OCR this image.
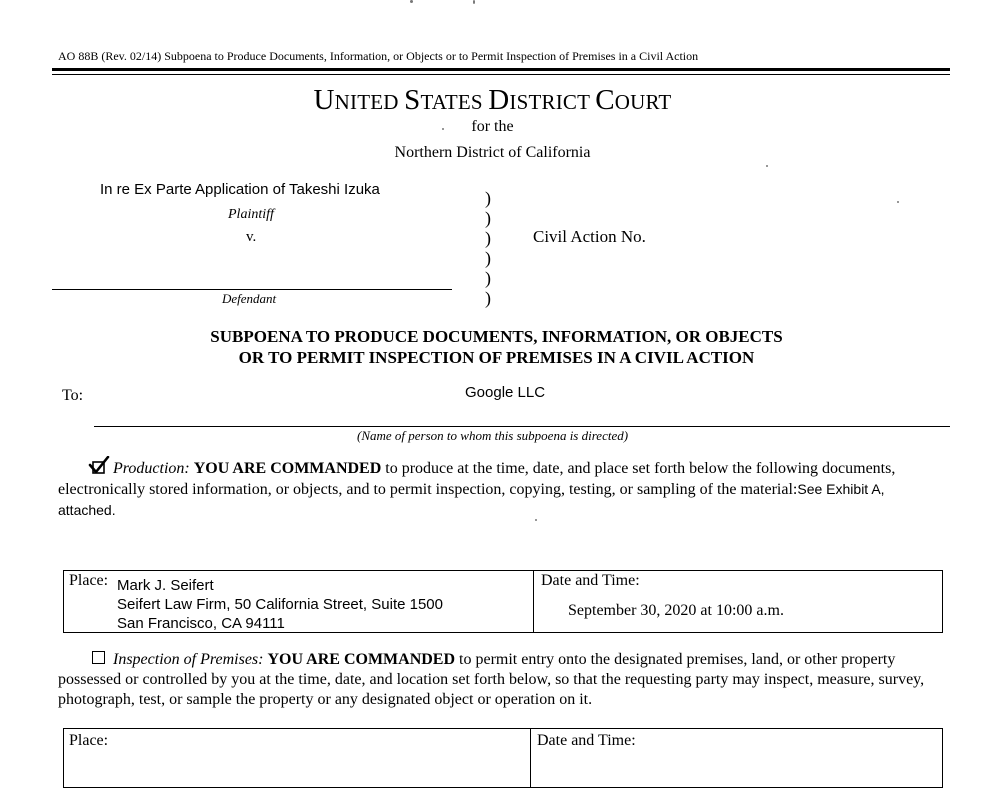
AO 88B (Rev. 02/14) Subpoena to Produce Documents, Information, or Objects or to Permit Inspection of Premises in a Civil Action
UNITED STATES DISTRICT COURT
for the
Northern District of California
In re Ex Parte Application of Takeshi Izuka
Plaintiff
v.
Defendant
)
)
)
)
)
)
Civil Action No.
SUBPOENA TO PRODUCE DOCUMENTS, INFORMATION, OR OBJECTS
OR TO PERMIT INSPECTION OF PREMISES IN A CIVIL ACTION
To:	Google LLC
(Name of person to whom this subpoena is directed)
Production: YOU ARE COMMANDED to produce at the time, date, and place set forth below the following documents, electronically stored information, or objects, and to permit inspection, copying, testing, or sampling of the material:See Exhibit A, attached.
Place: Mark J. Seifert
Seifert Law Firm, 50 California Street, Suite 1500
San Francisco, CA 94111
Date and Time:
September 30, 2020 at 10:00 a.m.
Inspection of Premises: YOU ARE COMMANDED to permit entry onto the designated premises, land, or other property possessed or controlled by you at the time, date, and location set forth below, so that the requesting party may inspect, measure, survey, photograph, test, or sample the property or any designated object or operation on it.
Place:	Date and Time:
